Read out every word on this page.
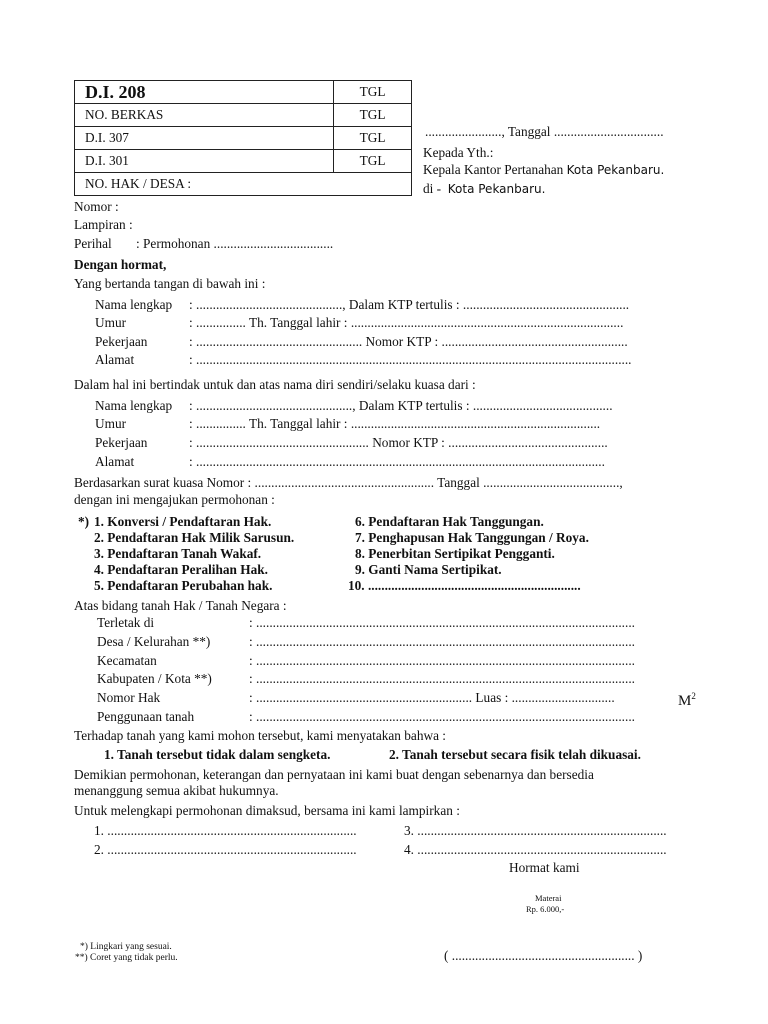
D.I. 208	TGL
NO. BERKAS	TGL
D.I. 307	TGL
D.I. 301	TGL
NO. HAK / DESA :	
......................., Tanggal .................................
Kepada Yth.:
Kepala Kantor Pertanahan Kota Pekanbaru.
di - Kota Pekanbaru.
Nomor :
Lampiran :
Perihal : Permohonan ....................................
Dengan hormat,
Yang bertanda tangan di bawah ini :
Nama lengkap : ............................................, Dalam KTP tertulis : ..................................................
Umur	: ............... Th. Tanggal lahir : ..................................................................................
Pekerjaan	: .................................................. Nomor KTP : ........................................................
Alamat	: ...................................................................................................................................
Dalam hal ini bertindak untuk dan atas nama diri sendiri/selaku kuasa dari :
Nama lengkap : ..............................................., Dalam KTP tertulis : ..........................................
Umur	: ............... Th. Tanggal lahir : ...........................................................................
Pekerjaan	: .................................................... Nomor KTP : ................................................
Alamat	: ...........................................................................................................................
Berdasarkan surat kuasa Nomor : ...................................................... Tanggal .........................................,
dengan ini mengajukan permohonan :
*) 1. Konversi / Pendaftaran Hak.
2. Pendaftaran Hak Milik Sarusun.
3. Pendaftaran Tanah Wakaf.
4. Pendaftaran Peralihan Hak.
5. Pendaftaran Perubahan hak.
6. Pendaftaran Hak Tanggungan.
7. Penghapusan Hak Tanggungan / Roya.
8. Penerbitan Sertipikat Pengganti.
9. Ganti Nama Sertipikat.
10. ................................................................
Atas bidang tanah Hak / Tanah Negara :
Terletak di	: ..................................................................................................................
Desa / Kelurahan **)	: ..................................................................................................................
Kecamatan	: ..................................................................................................................
Kabupaten / Kota **)	: ..................................................................................................................
Nomor Hak	: ................................................................. Luas : ...............................	$M^2$
Penggunaan tanah	: ..................................................................................................................
Terhadap tanah yang kami mohon tersebut, kami menyatakan bahwa :
1. Tanah tersebut tidak dalam sengketa.	2. Tanah tersebut secara fisik telah dikuasai.
Demikian permohonan, keterangan dan pernyataan ini kami buat dengan sebenarnya dan bersedia
menanggung semua akibat hukumnya.
Untuk melengkapi permohonan dimaksud, bersama ini kami lampirkan :
1. ...........................................................................
2. ...........................................................................
3. ...........................................................................
4. ...........................................................................
Hormat kami
Materai
Rp. 6.000,-
*) Lingkari yang sesuai.
**) Coret yang tidak perlu.	( ....................................................... )
